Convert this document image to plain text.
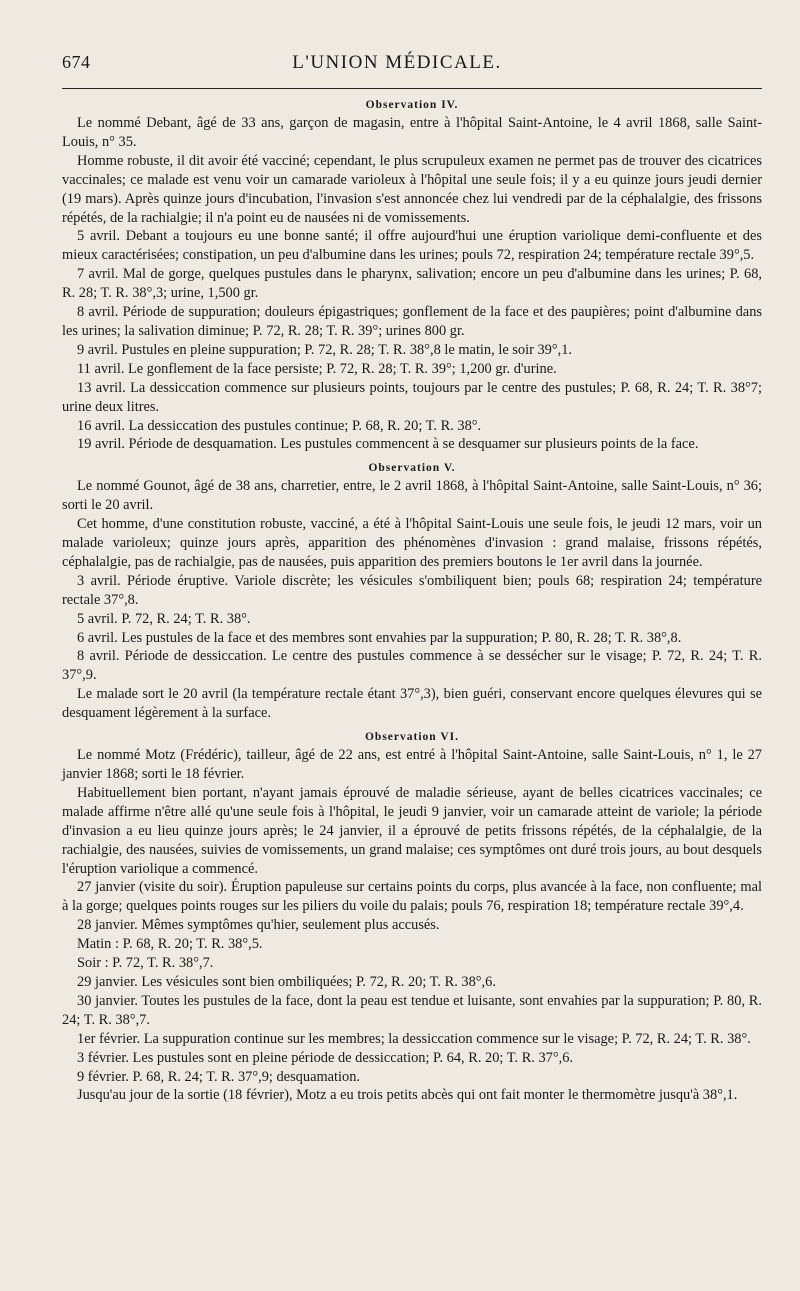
674	L'UNION MÉDICALE.
Observation IV.

Le nommé Debant, âgé de 33 ans, garçon de magasin, entre à l'hôpital Saint-Antoine, le 4 avril 1868, salle Saint-Louis, n° 35.

Homme robuste, il dit avoir été vacciné; cependant, le plus scrupuleux examen ne permet pas de trouver des cicatrices vaccinales; ce malade est venu voir un camarade varioleux à l'hôpital une seule fois; il y a eu quinze jours jeudi dernier (19 mars). Après quinze jours d'incubation, l'invasion s'est annoncée chez lui vendredi par de la céphalalgie, des frissons répétés, de la rachialgie; il n'a point eu de nausées ni de vomissements.

5 avril. Debant a toujours eu une bonne santé; il offre aujourd'hui une éruption variolique demi-confluente et des mieux caractérisées; constipation, un peu d'albumine dans les urines; pouls 72, respiration 24; température rectale 39°,5.

7 avril. Mal de gorge, quelques pustules dans le pharynx, salivation; encore un peu d'albumine dans les urines; P. 68, R. 28; T. R. 38°,3; urine, 1,500 gr.

8 avril. Période de suppuration; douleurs épigastriques; gonflement de la face et des paupières; point d'albumine dans les urines; la salivation diminue; P. 72, R. 28; T. R. 39°; urines 800 gr.

9 avril. Pustules en pleine suppuration; P. 72, R. 28; T. R. 38°,8 le matin, le soir 39°,1.

11 avril. Le gonflement de la face persiste; P. 72, R. 28; T. R. 39°; 1,200 gr. d'urine.

13 avril. La dessiccation commence sur plusieurs points, toujours par le centre des pustules; P. 68, R. 24; T. R. 38°7; urine deux litres.

16 avril. La dessiccation des pustules continue; P. 68, R. 20; T. R. 38°.

19 avril. Période de desquamation. Les pustules commencent à se desquamer sur plusieurs points de la face.

Observation V.

Le nommé Gounot, âgé de 38 ans, charretier, entre, le 2 avril 1868, à l'hôpital Saint-Antoine, salle Saint-Louis, n° 36; sorti le 20 avril.

Cet homme, d'une constitution robuste, vacciné, a été à l'hôpital Saint-Louis une seule fois, le jeudi 12 mars, voir un malade varioleux; quinze jours après, apparition des phénomènes d'invasion : grand malaise, frissons répétés, céphalalgie, pas de rachialgie, pas de nausées, puis apparition des premiers boutons le 1er avril dans la journée.

3 avril. Période éruptive. Variole discrète; les vésicules s'ombiliquent bien; pouls 68; respiration 24; température rectale 37°,8.

5 avril. P. 72, R. 24; T. R. 38°.

6 avril. Les pustules de la face et des membres sont envahies par la suppuration; P. 80, R. 28; T. R. 38°,8.

8 avril. Période de dessiccation. Le centre des pustules commence à se dessécher sur le visage; P. 72, R. 24; T. R. 37°,9.

Le malade sort le 20 avril (la température rectale étant 37°,3), bien guéri, conservant encore quelques élevures qui se desquament légèrement à la surface.

Observation VI.

Le nommé Motz (Frédéric), tailleur, âgé de 22 ans, est entré à l'hôpital Saint-Antoine, salle Saint-Louis, n° 1, le 27 janvier 1868; sorti le 18 février.

Habituellement bien portant, n'ayant jamais éprouvé de maladie sérieuse, ayant de belles cicatrices vaccinales; ce malade affirme n'être allé qu'une seule fois à l'hôpital, le jeudi 9 janvier, voir un camarade atteint de variole; la période d'invasion a eu lieu quinze jours après; le 24 janvier, il a éprouvé de petits frissons répétés, de la céphalalgie, de la rachialgie, des nausées, suivies de vomissements, un grand malaise; ces symptômes ont duré trois jours, au bout desquels l'éruption variolique a commencé.

27 janvier (visite du soir). Éruption papuleuse sur certains points du corps, plus avancée à la face, non confluente; mal à la gorge; quelques points rouges sur les piliers du voile du palais; pouls 76, respiration 18; température rectale 39°,4.

28 janvier. Mêmes symptômes qu'hier, seulement plus accusés.

Matin : P. 68, R. 20; T. R. 38°,5.

Soir : P. 72, T. R. 38°,7.

29 janvier. Les vésicules sont bien ombiliquées; P. 72, R. 20; T. R. 38°,6.

30 janvier. Toutes les pustules de la face, dont la peau est tendue et luisante, sont envahies par la suppuration; P. 80, R. 24; T. R. 38°,7.

1er février. La suppuration continue sur les membres; la dessiccation commence sur le visage; P. 72, R. 24; T. R. 38°.

3 février. Les pustules sont en pleine période de dessiccation; P. 64, R. 20; T. R. 37°,6.

9 février. P. 68, R. 24; T. R. 37°,9; desquamation.

Jusqu'au jour de la sortie (18 février), Motz a eu trois petits abcès qui ont fait monter le thermomètre jusqu'à 38°,1.
